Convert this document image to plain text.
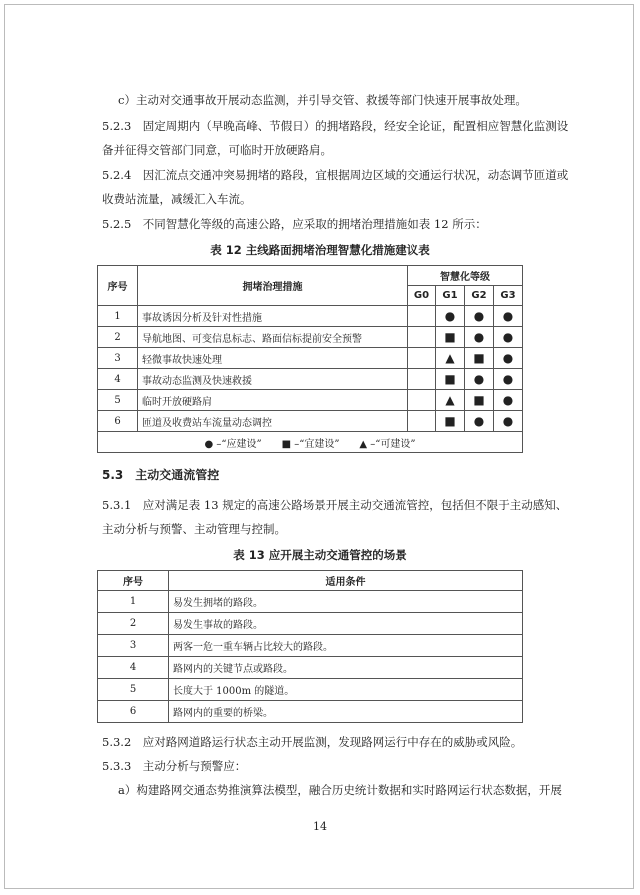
c）主动对交通事故开展动态监测，并引导交管、救援等部门快速开展事故处理。
5.2.3　固定周期内（早晚高峰、节假日）的拥堵路段，经安全论证，配置相应智慧化监测设
备并征得交管部门同意，可临时开放硬路肩。
5.2.4　因汇流点交通冲突易拥堵的路段，宜根据周边区域的交通运行状况，动态调节匝道或
收费站流量，减缓汇入车流。
5.2.5　不同智慧化等级的高速公路，应采取的拥堵治理措施如表 12 所示：
表 12 主线路面拥堵治理智慧化措施建议表
序号	拥堵治理措施	智慧化等级			
		G0	G1	G2	G3
1	事故诱因分析及针对性措施		●	●	●
2	导航地图、可变信息标志、路面信标提前安全预警		■	●	●
3	轻微事故快速处理		▲	■	●
4	事故动态监测及快速救援		■	●	●
5	临时开放硬路肩		▲	■	●
6	匝道及收费站车流量动态调控		■	●	●
● –“应建设”　　■ –“宜建设”　　▲ –“可建设”					
5.3　主动交通流管控
5.3.1　应对满足表 13 规定的高速公路场景开展主动交通流管控，包括但不限于主动感知、
主动分析与预警、主动管理与控制。
表 13 应开展主动交通管控的场景
序号	适用条件
1	易发生拥堵的路段。
2	易发生事故的路段。
3	两客一危一重车辆占比较大的路段。
4	路网内的关键节点或路段。
5	长度大于 1000m 的隧道。
6	路网内的重要的桥梁。
5.3.2　应对路网道路运行状态主动开展监测，发现路网运行中存在的威胁或风险。
5.3.3　主动分析与预警应：
a）构建路网交通态势推演算法模型，融合历史统计数据和实时路网运行状态数据，开展
14
